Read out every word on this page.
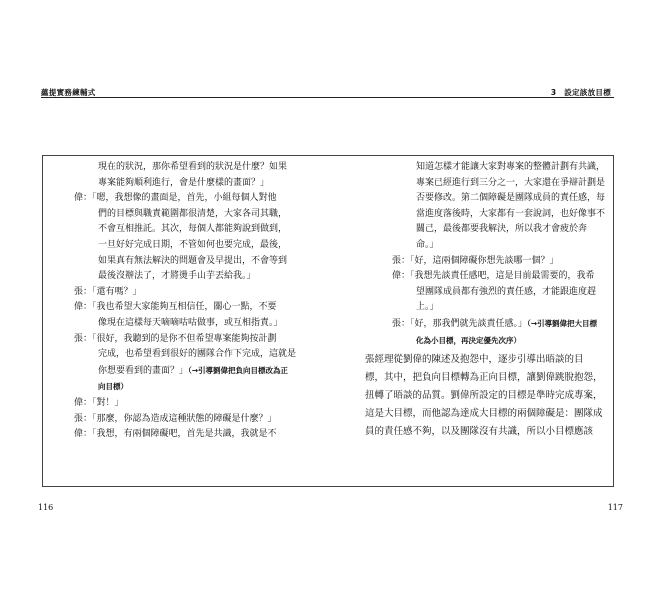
蘊提實務練輔式	3　設定該放目標
現在的狀況，那你希望看到的狀況是什麼？如果
專案能夠順利進行，會是什麼樣的畫面？」
偉：「嗯，我想像的畫面是，首先，小組每個人對他
們的目標與職責範圍都很清楚，大家各司其職，
不會互相推託。其次，每個人都能夠說到做到，
一旦好好完成日期，不管如何也要完成，最後，
如果真有無法解決的問題會及早提出，不會等到
最後沒辦法了，才將燙手山芋丟給我。」
張：「還有嗎？」
偉：「我也希望大家能夠互相信任，關心一點，不要
像現在這樣每天嘀嘀咕咕做事，或互相指責。」
張：「很好，我聽到的是你不但希望專案能夠按計劃
完成，也希望看到很好的團隊合作下完成，這就是
你想要看到的畫面？」（→引導劉偉把負向目標改為正
向目標）
偉：「對！」
張：「那麼，你認為造成這種狀態的障礙是什麼？」
偉：「我想，有兩個障礙吧，首先是共識，我就是不
知道怎樣才能讓大家對專案的整體計劃有共識，
專案已經進行到三分之一，大家還在爭辯計劃是
否要修改。第二個障礙是團隊成員的責任感，每
當進度落後時，大家都有一套說詞，也好像事不
關己，最後都要我解決，所以我才會疲於奔
命。」
張：「好，這兩個障礙你想先談哪一個？」
偉：「我想先談責任感吧，這是目前最需要的，我希
望團隊成員都有強烈的責任感，才能跟進度趕
上。」
張：「好，那我們就先談責任感。」（→引導劉偉把大目標
化為小目標，再決定優先次序）
張經理從劉偉的陳述及抱怨中，逐步引導出晤談的目
標，其中，把負向目標轉為正向目標，讓劉偉跳脫抱怨，
扭轉了晤談的品質。劉偉所設定的目標是準時完成專案，
這是大目標，而他認為達成大目標的兩個障礙是：團隊成
員的責任感不夠，以及團隊沒有共識，所以小目標應該
116	117
